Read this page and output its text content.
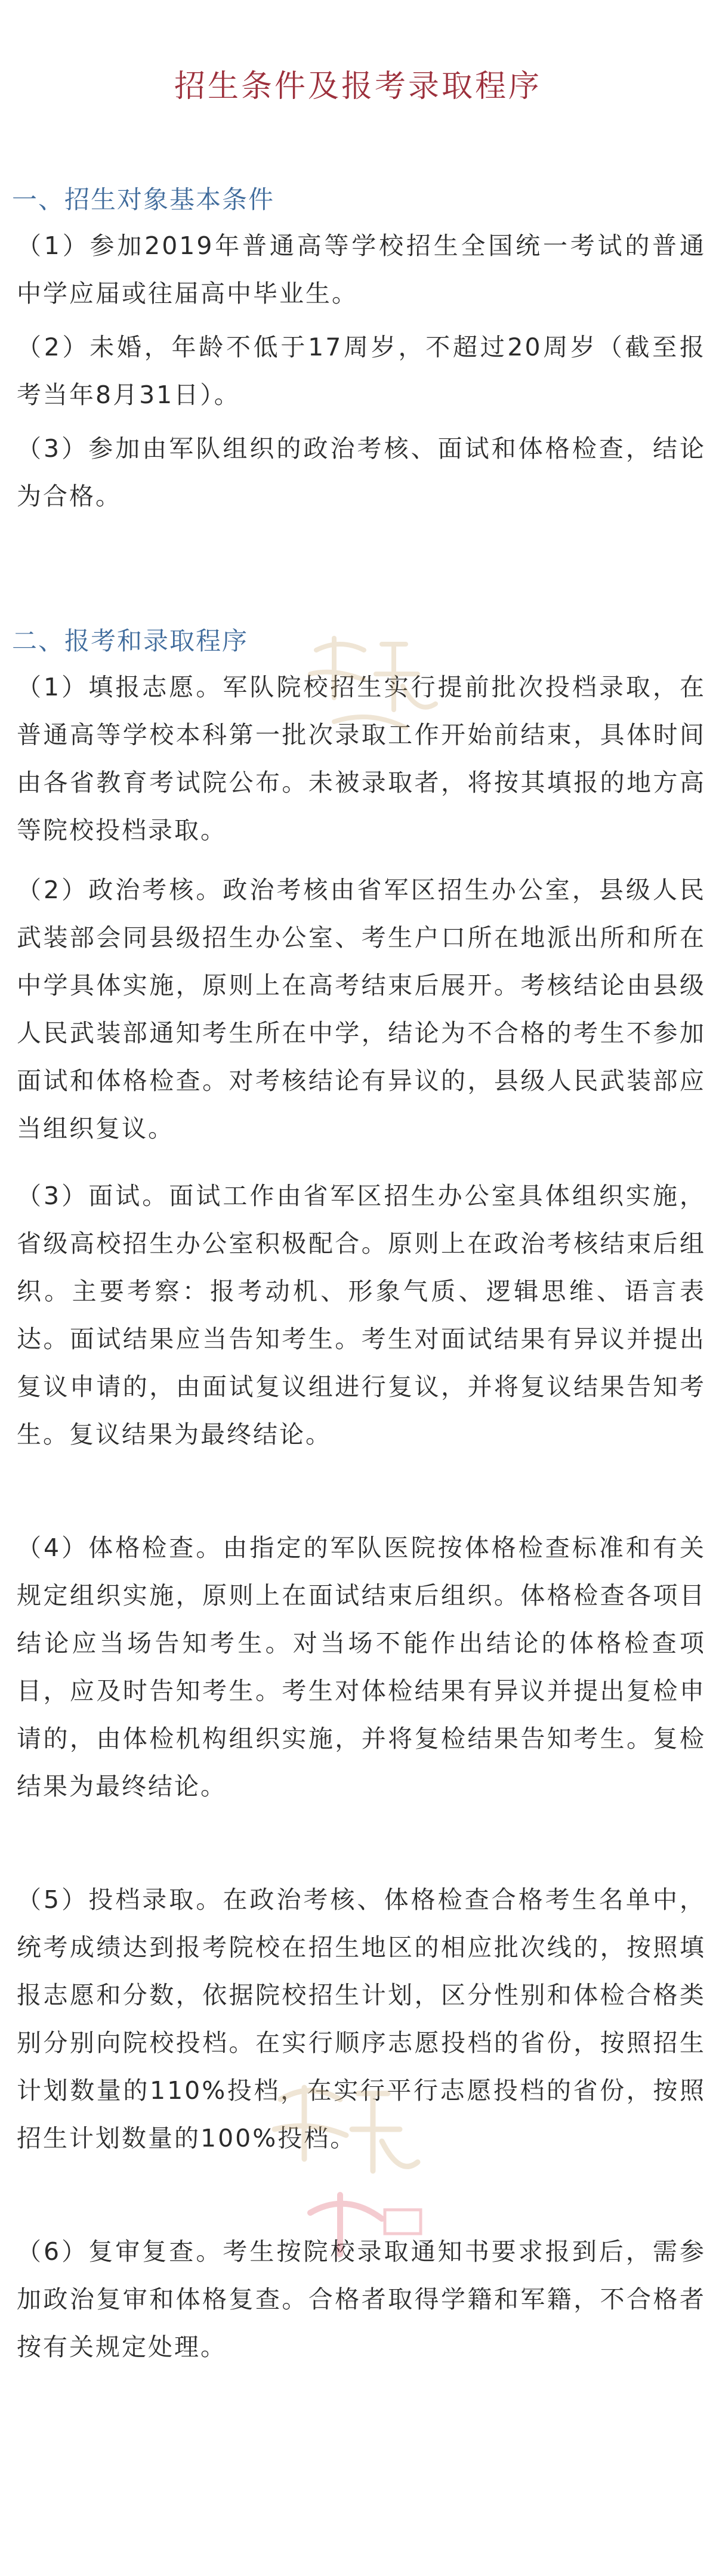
招生条件及报考录取程序
一、招生对象基本条件
（1）参加2019年普通高等学校招生全国统一考试的普通中学应届或往届高中毕业生。
（2）未婚，年龄不低于17周岁，不超过20周岁（截至报考当年8月31日）。
（3）参加由军队组织的政治考核、面试和体格检查，结论为合格。
二、报考和录取程序
（1）填报志愿。军队院校招生实行提前批次投档录取，在普通高等学校本科第一批次录取工作开始前结束，具体时间由各省教育考试院公布。未被录取者，将按其填报的地方高等院校投档录取。
（2）政治考核。政治考核由省军区招生办公室，县级人民武装部会同县级招生办公室、考生户口所在地派出所和所在中学具体实施，原则上在高考结束后展开。考核结论由县级人民武装部通知考生所在中学，结论为不合格的考生不参加面试和体格检查。对考核结论有异议的，县级人民武装部应当组织复议。
（3）面试。面试工作由省军区招生办公室具体组织实施，省级高校招生办公室积极配合。原则上在政治考核结束后组织。主要考察：报考动机、形象气质、逻辑思维、语言表达。面试结果应当告知考生。考生对面试结果有异议并提出复议申请的，由面试复议组进行复议，并将复议结果告知考生。复议结果为最终结论。
（4）体格检查。由指定的军队医院按体格检查标准和有关规定组织实施，原则上在面试结束后组织。体格检查各项目结论应当场告知考生。对当场不能作出结论的体格检查项目，应及时告知考生。考生对体检结果有异议并提出复检申请的，由体检机构组织实施，并将复检结果告知考生。复检结果为最终结论。
（5）投档录取。在政治考核、体格检查合格考生名单中，统考成绩达到报考院校在招生地区的相应批次线的，按照填报志愿和分数，依据院校招生计划，区分性别和体检合格类别分别向院校投档。在实行顺序志愿投档的省份，按照招生计划数量的110%投档，在实行平行志愿投档的省份，按照招生计划数量的100%投档。
（6）复审复查。考生按院校录取通知书要求报到后，需参加政治复审和体格复查。合格者取得学籍和军籍，不合格者按有关规定处理。
